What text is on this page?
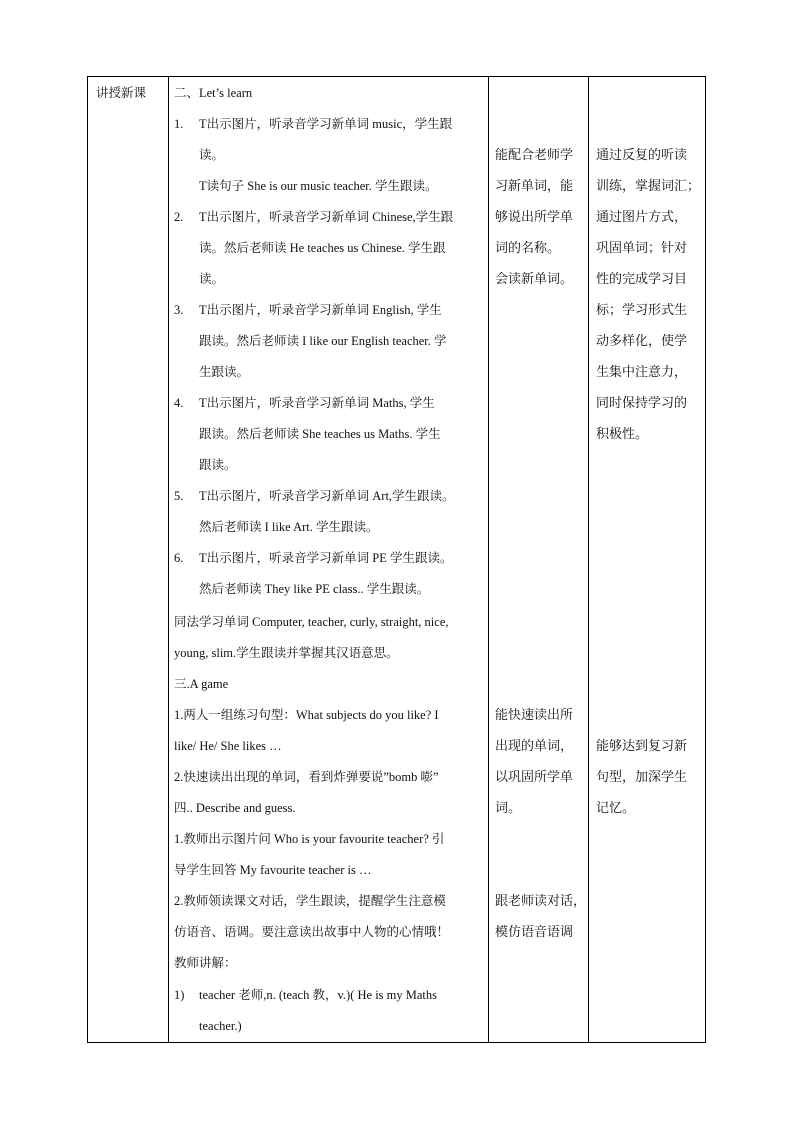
讲授新课 二、Let’s learn
1. T出示图片，听录音学习新单词 music，学生跟
读。
T读句子 She is our music teacher. 学生跟读。
2. T出示图片，听录音学习新单词 Chinese,学生跟
读。然后老师读 He teaches us Chinese. 学生跟
读。
3. T出示图片，听录音学习新单词 English, 学生
跟读。然后老师读 I like our English teacher. 学
生跟读。
4. T出示图片，听录音学习新单词 Maths, 学生
跟读。然后老师读 She teaches us Maths. 学生
跟读。
5. T出示图片，听录音学习新单词 Art,学生跟读。
然后老师读 I like Art. 学生跟读。
6. T出示图片，听录音学习新单词 PE 学生跟读。
然后老师读 They like PE class.. 学生跟读。
同法学习单词 Computer, teacher, curly, straight, nice,
young, slim.学生跟读并掌握其汉语意思。
三.A game
1.两人一组练习句型：What subjects do you like? I
like/ He/ She likes …
2.快速读出出现的单词，看到炸弹要说”bomb 嘭”
四.. Describe and guess.
1.教师出示图片问 Who is your favourite teacher? 引
导学生回答 My favourite teacher is …
2.教师领读课文对话，学生跟读，提醒学生注意模
仿语音、语调。要注意读出故事中人物的心情哦！
教师讲解：
1) teacher 老师,n. (teach 教，v.)( He is my Maths
teacher.)
能配合老师学
习新单词，能
够说出所学单
词的名称。
会读新单词。
能快速读出所
出现的单词，
以巩固所学单
词。
跟老师读对话，
模仿语音语调
通过反复的听读
训练，掌握词汇；
通过图片方式，
巩固单词；针对
性的完成学习目
标；学习形式生
动多样化，使学
生集中注意力，
同时保持学习的
积极性。
能够达到复习新
句型，加深学生
记忆。
